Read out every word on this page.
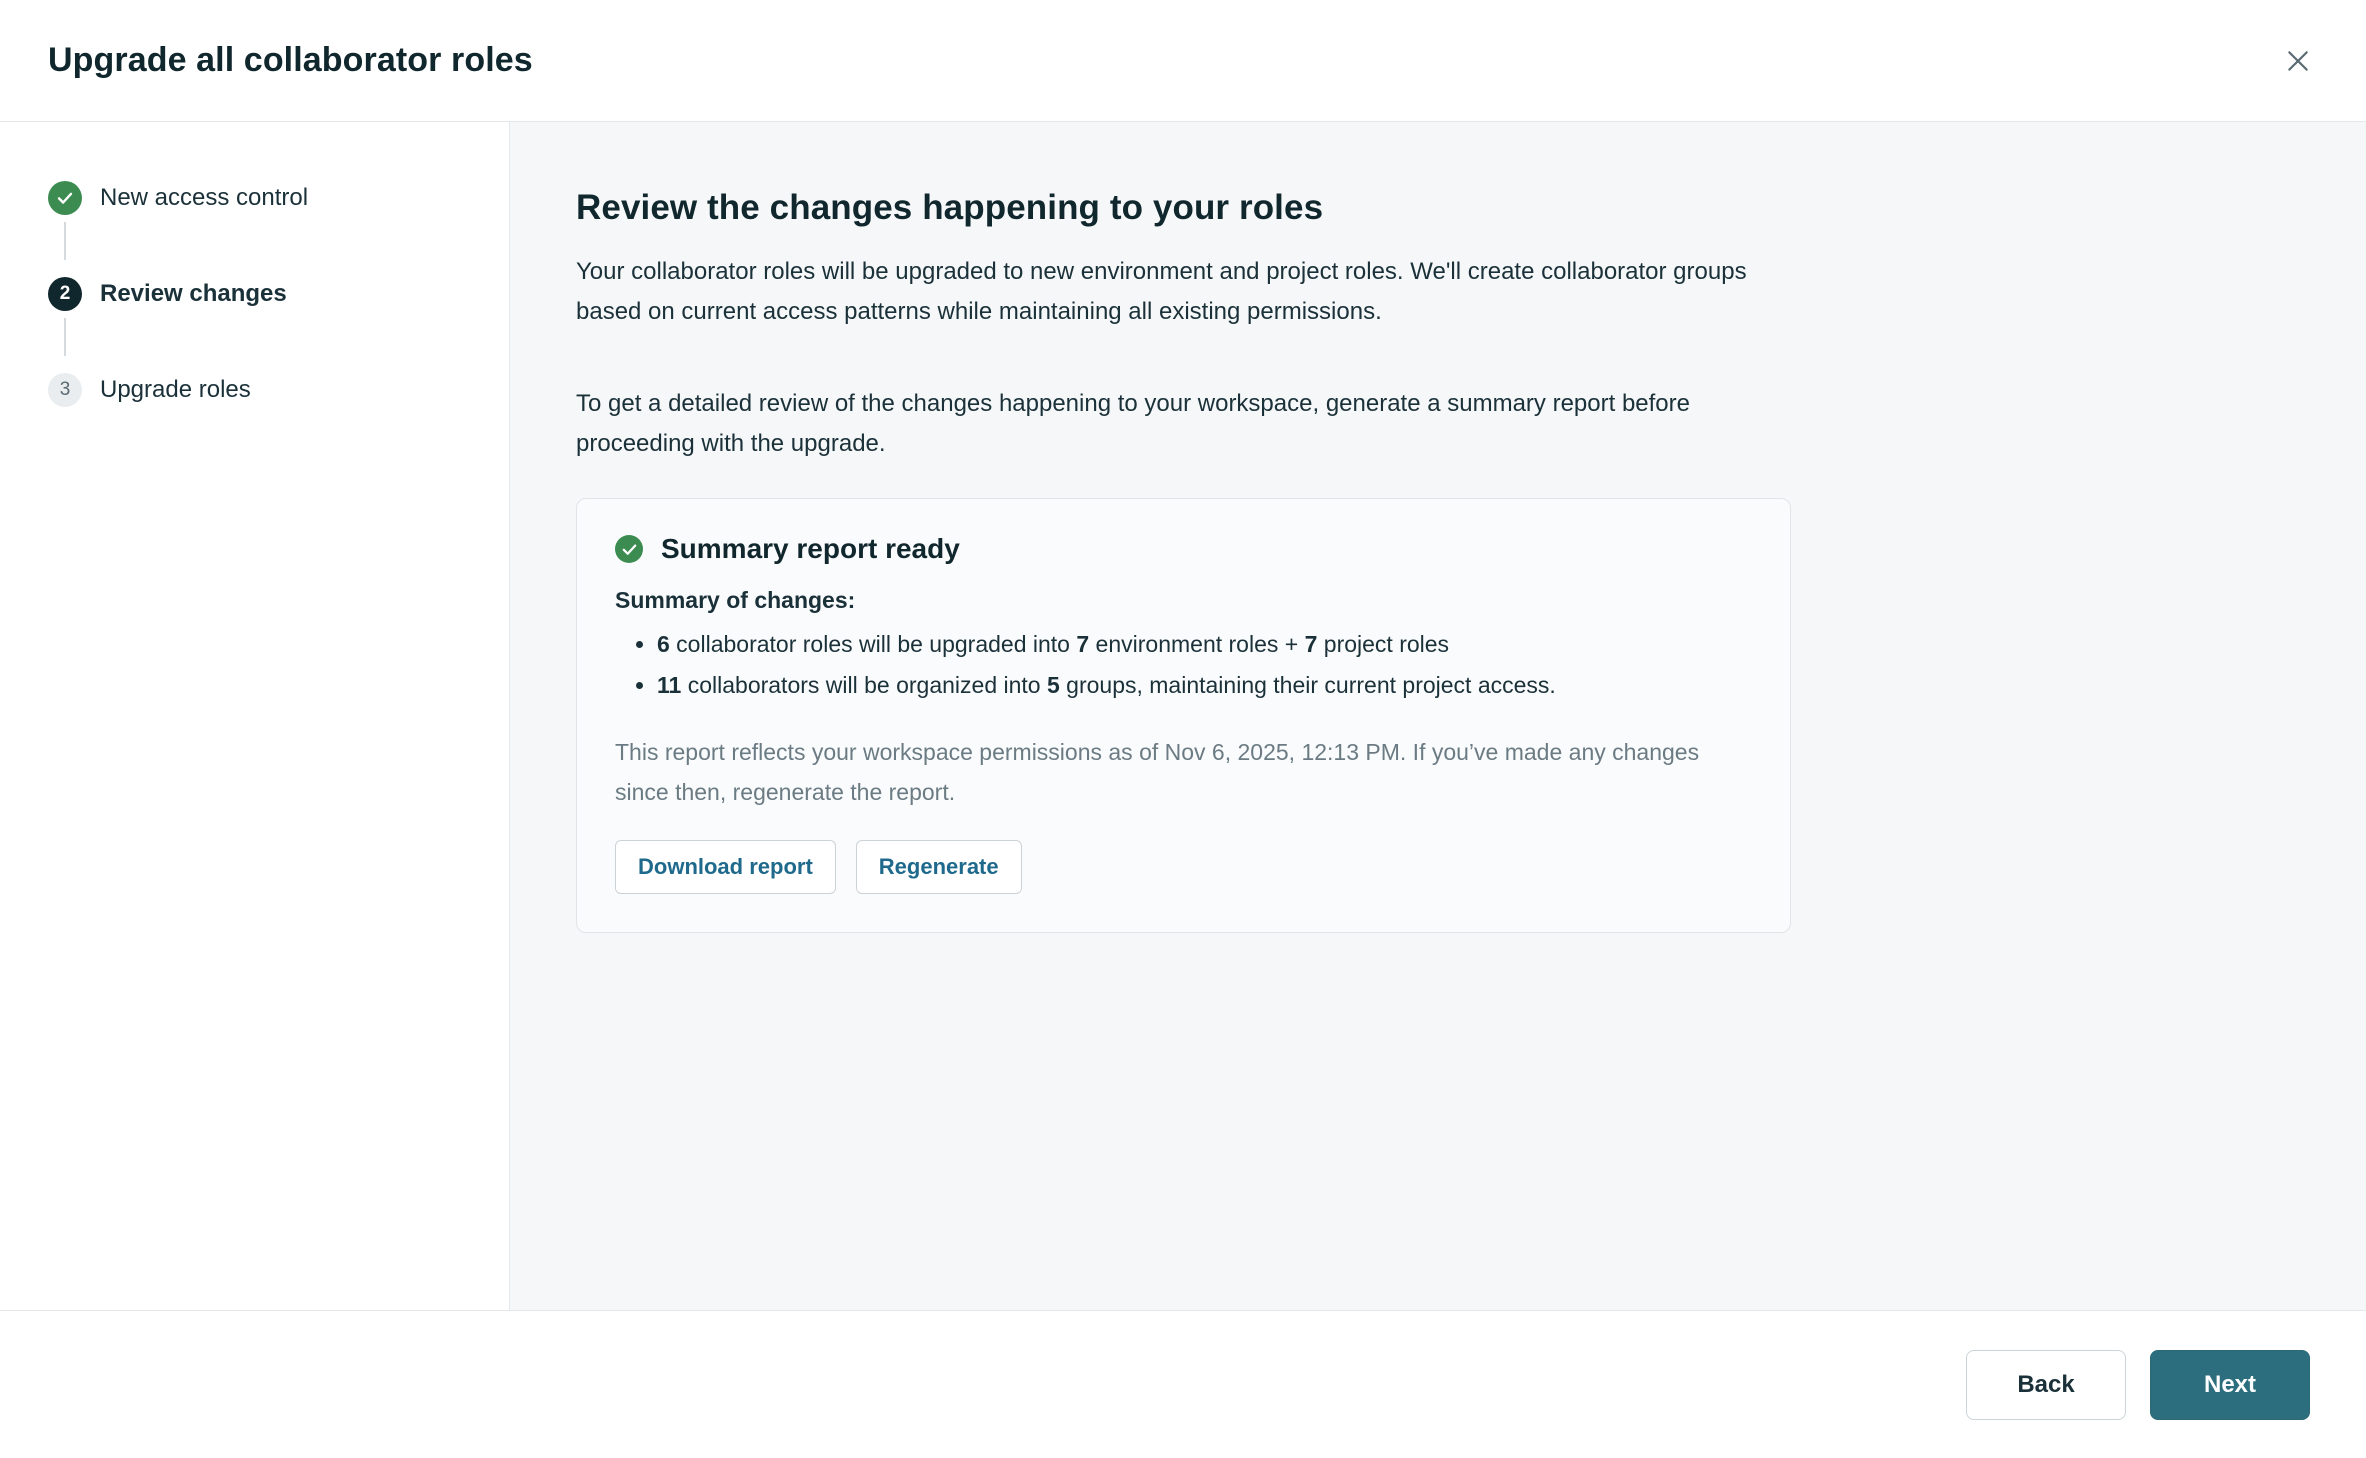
Upgrade all collaborator roles
New access control
2	Review changes
3	Upgrade roles
Review the changes happening to your roles

Your collaborator roles will be upgraded to new environment and project roles. We'll create collaborator groups based on current access patterns while maintaining all existing permissions.

To get a detailed review of the changes happening to your workspace, generate a summary report before proceeding with the upgrade.

Summary report ready
Summary of changes:
• 6 collaborator roles will be upgraded into 7 environment roles + 7 project roles
• 11 collaborators will be organized into 5 groups, maintaining their current project access.

This report reflects your workspace permissions as of Nov 6, 2025, 12:13 PM. If you’ve made any changes since then, regenerate the report.

Download report	Regenerate
Back	Next
